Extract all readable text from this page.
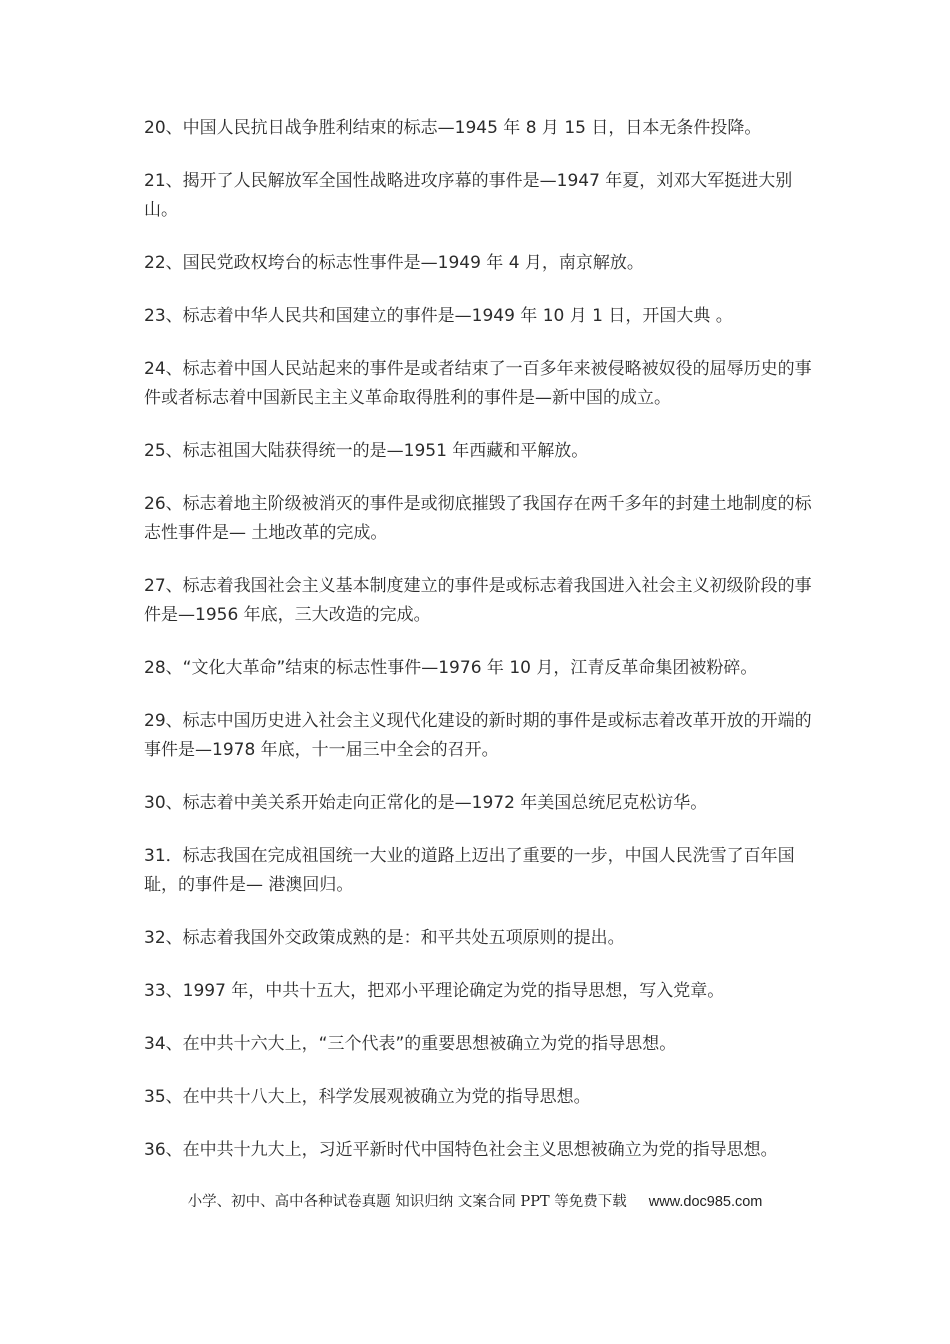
20、中国人民抗日战争胜利结束的标志—1945 年 8 月 15 日，日本无条件投降。

21、揭开了人民解放军全国性战略进攻序幕的事件是—1947 年夏，刘邓大军挺进大别山。

22、国民党政权垮台的标志性事件是—1949 年 4 月，南京解放。

23、标志着中华人民共和国建立的事件是—1949 年 10 月 1 日，开国大典 。

24、标志着中国人民站起来的事件是或者结束了一百多年来被侵略被奴役的屈辱历史的事件或者标志着中国新民主主义革命取得胜利的事件是—新中国的成立。

25、标志祖国大陆获得统一的是—1951 年西藏和平解放。

26、标志着地主阶级被消灭的事件是或彻底摧毁了我国存在两千多年的封建土地制度的标志性事件是— 土地改革的完成。

27、标志着我国社会主义基本制度建立的事件是或标志着我国进入社会主义初级阶段的事件是—1956 年底，三大改造的完成。

28、“文化大革命”结束的标志性事件—1976 年 10 月，江青反革命集团被粉碎。

29、标志中国历史进入社会主义现代化建设的新时期的事件是或标志着改革开放的开端的事件是—1978 年底，十一届三中全会的召开。

30、标志着中美关系开始走向正常化的是—1972 年美国总统尼克松访华。

31．标志我国在完成祖国统一大业的道路上迈出了重要的一步，中国人民洗雪了百年国耻，的事件是— 港澳回归。

32、标志着我国外交政策成熟的是：和平共处五项原则的提出。

33、1997 年，中共十五大，把邓小平理论确定为党的指导思想，写入党章。

34、在中共十六大上，“三个代表”的重要思想被确立为党的指导思想。

35、在中共十八大上，科学发展观被确立为党的指导思想。

36、在中共十九大上，习近平新时代中国特色社会主义思想被确立为党的指导思想。

小学、初中、高中各种试卷真题 知识归纳 文案合同 PPT 等免费下载 www.doc985.com
